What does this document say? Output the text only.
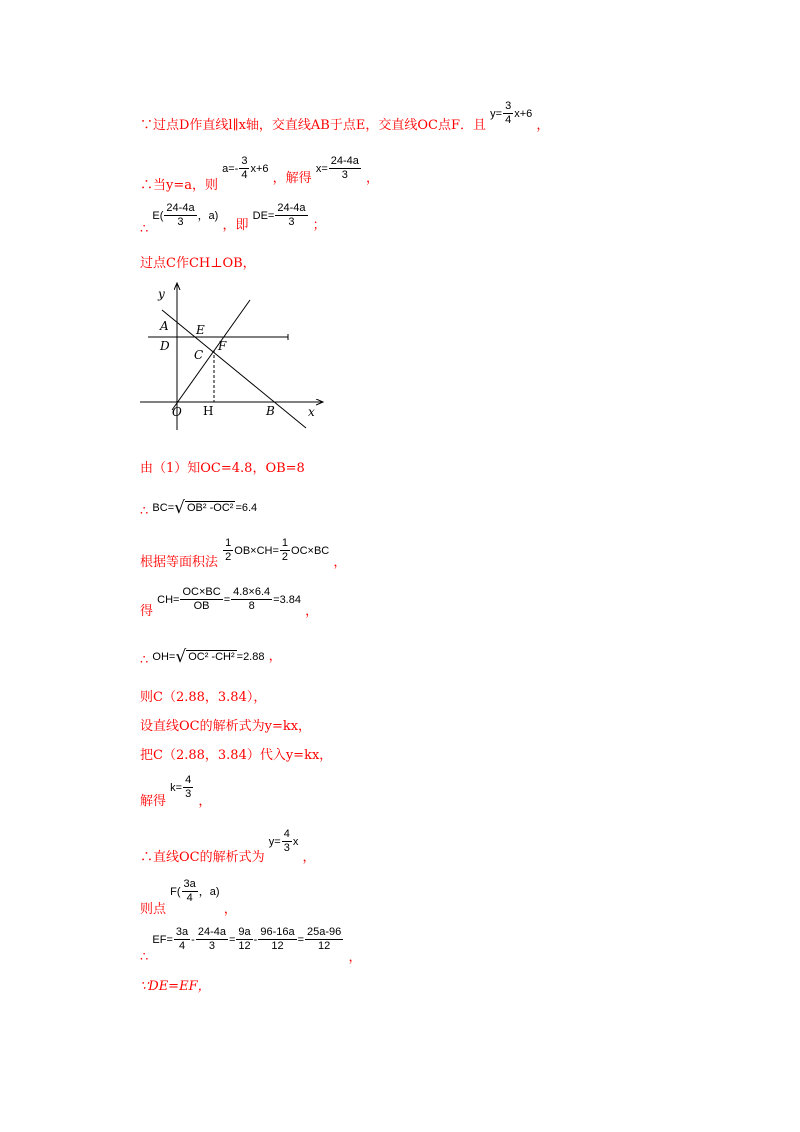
∵过点D作直线l∥x轴，交直线AB于点E，交直线OC点F．且 $y= \frac{3}{4} x+6$ ，
∴当y=a，则 $a=- \frac{3}{4} x+6$ ，解得 $x= \frac{24-4a}{3}$ ，
∴ $E( \frac{24-4a}{3}$ ，a) ，即 $DE= \frac{24-4a}{3}$ ；
过点C作CH⊥OB，
y
A E
D
C
F
O H	B	x
由（1）知OC=4.8，OB=8
∴ BC=√ OB² -OC² =6.4
根据等面积法 $\frac{1}{2} OB\times CH= \frac{1}{2} OC\times BC$ ，
得 $CH= \frac{OC\times BC}{OB} = \frac{4.8\times 6.4}{8} =3.84$ ，
∴ OH=√ OC² -CH² =2.88 ，
则C（2.88，3.84），
设直线OC的解析式为y=kx，
把C（2.88，3.84）代入y=kx，
解得 $k= \frac{4}{3}$
，
∴直线OC的解析式为 $y= \frac{4}{3}$ x ，
则点 $F( \frac{3a}{4}$ ，a) ，
∴ $EF= \frac{3a}{4} - \frac{24-4a}{3} = \frac{9a}{12} - \frac{96-16a}{12} = \frac{25a-96}{12}$
，
∵DE=EF，
